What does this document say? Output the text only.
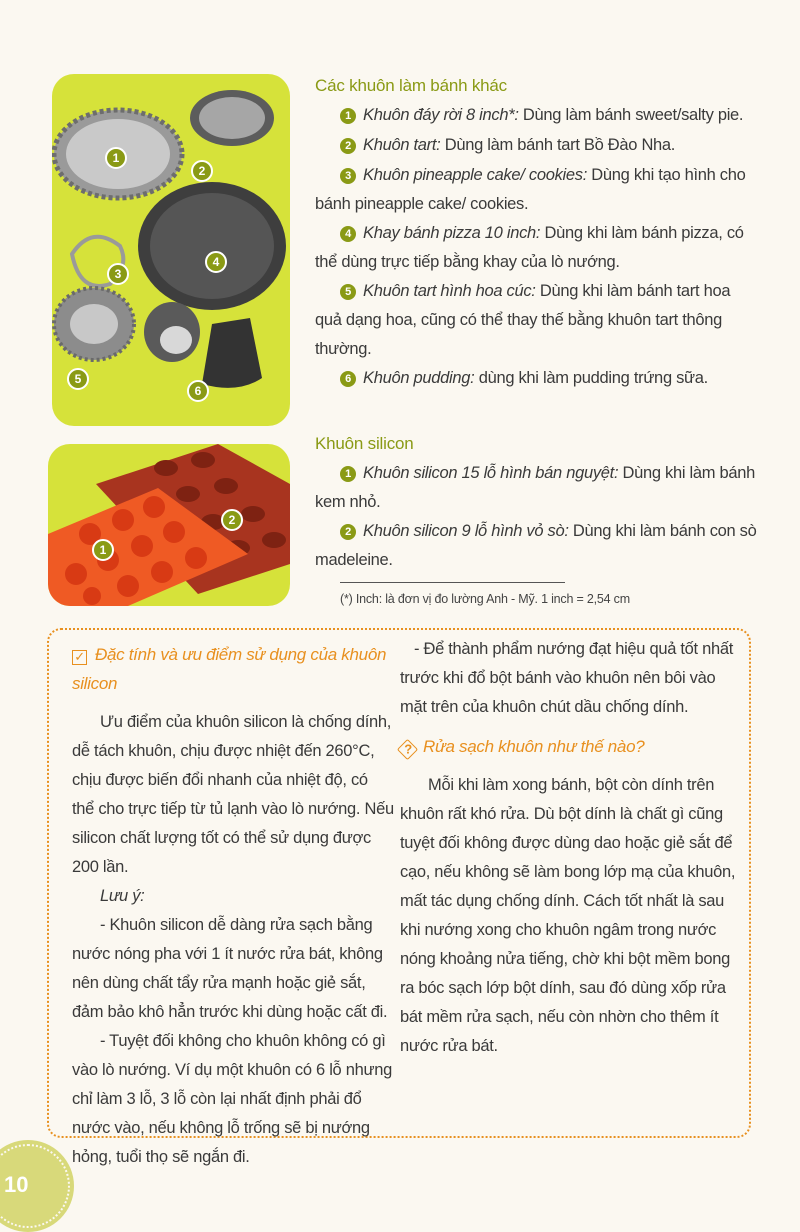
1
2
3
4
5
6
Các khuôn làm bánh khác
1 Khuôn đáy rời 8 inch*: Dùng làm bánh sweet/salty pie.
2 Khuôn tart: Dùng làm bánh tart Bồ Đào Nha.
3 Khuôn pineapple cake/ cookies: Dùng khi tạo hình cho bánh pineapple cake/ cookies.
4 Khay bánh pizza 10 inch: Dùng khi làm bánh pizza, có thể dùng trực tiếp bằng khay của lò nướng.
5 Khuôn tart hình hoa cúc: Dùng khi làm bánh tart hoa quả dạng hoa, cũng có thể thay thế bằng khuôn tart thông thường.
6 Khuôn pudding: dùng khi làm pudding trứng sữa.
1
2
Khuôn silicon
1 Khuôn silicon 15 lỗ hình bán nguyệt: Dùng khi làm bánh kem nhỏ.
2 Khuôn silicon 9 lỗ hình vỏ sò: Dùng khi làm bánh con sò madeleine.
(*) Inch: là đơn vị đo lường Anh - Mỹ. 1 inch = 2,54 cm
✓ Đặc tính và ưu điểm sử dụng của khuôn silicon

Ưu điểm của khuôn silicon là chống dính, dễ tách khuôn, chịu được nhiệt đến 260°C, chịu được biến đổi nhanh của nhiệt độ, có thể cho trực tiếp từ tủ lạnh vào lò nướng. Nếu silicon chất lượng tốt có thể sử dụng được 200 lần.

Lưu ý:

- Khuôn silicon dễ dàng rửa sạch bằng nước nóng pha với 1 ít nước rửa bát, không nên dùng chất tẩy rửa mạnh hoặc giẻ sắt, đảm bảo khô hẳn trước khi dùng hoặc cất đi.

- Tuyệt đối không cho khuôn không có gì vào lò nướng. Ví dụ một khuôn có 6 lỗ nhưng chỉ làm 3 lỗ, 3 lỗ còn lại nhất định phải đổ nước vào, nếu không lỗ trống sẽ bị nướng hỏng, tuổi thọ sẽ ngắn đi.

- Để thành phẩm nướng đạt hiệu quả tốt nhất trước khi đổ bột bánh vào khuôn nên bôi vào mặt trên của khuôn chút dầu chống dính.

? Rửa sạch khuôn như thế nào?

Mỗi khi làm xong bánh, bột còn dính trên khuôn rất khó rửa. Dù bột dính là chất gì cũng tuyệt đối không được dùng dao hoặc giẻ sắt để cạo, nếu không sẽ làm bong lớp mạ của khuôn, mất tác dụng chống dính. Cách tốt nhất là sau khi nướng xong cho khuôn ngâm trong nước nóng khoảng nửa tiếng, chờ khi bột mềm bong ra bóc sạch lớp bột dính, sau đó dùng xốp rửa bát mềm rửa sạch, nếu còn nhờn cho thêm ít nước rửa bát.

10
